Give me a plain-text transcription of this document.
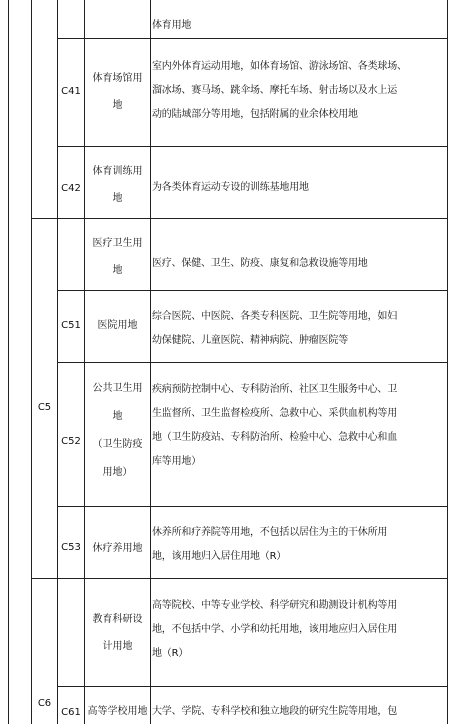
体育用地
C41
体育场馆用
地
室内外体育运动用地，如体育场馆、游泳场馆、各类球场、
溜冰场、赛马场、跳伞场、摩托车场、射击场以及水上运
动的陆域部分等用地，包括附属的业余体校用地
C42
体育训练用
地
为各类体育运动专设的训练基地用地
医疗卫生用
地
医疗、保健、卫生、防疫、康复和急救设施等用地
C5
C51	医院用地
综合医院、中医院、各类专科医院、卫生院等用地，如妇
幼保健院、儿童医院、精神病院、肿瘤医院等
C52
公共卫生用
地
（卫生防疫
用地）
疾病预防控制中心、专科防治所、社区卫生服务中心、卫
生监督所、卫生监督检疫所、急救中心、采供血机构等用
地（卫生防疫站、专科防治所、检验中心、急救中心和血
库等用地）
C53	休疗养用地
休养所和疗养院等用地，不包括以居住为主的干休所用
地，该用地归入居住用地（R）
教育科研设
计用地
高等院校、中等专业学校、科学研究和勘测设计机构等用
地，不包括中学、小学和幼托用地，该用地应归入居住用
地（R）
C6
C61 高等学校用地 大学、学院、专科学校和独立地段的研究生院等用地，包
